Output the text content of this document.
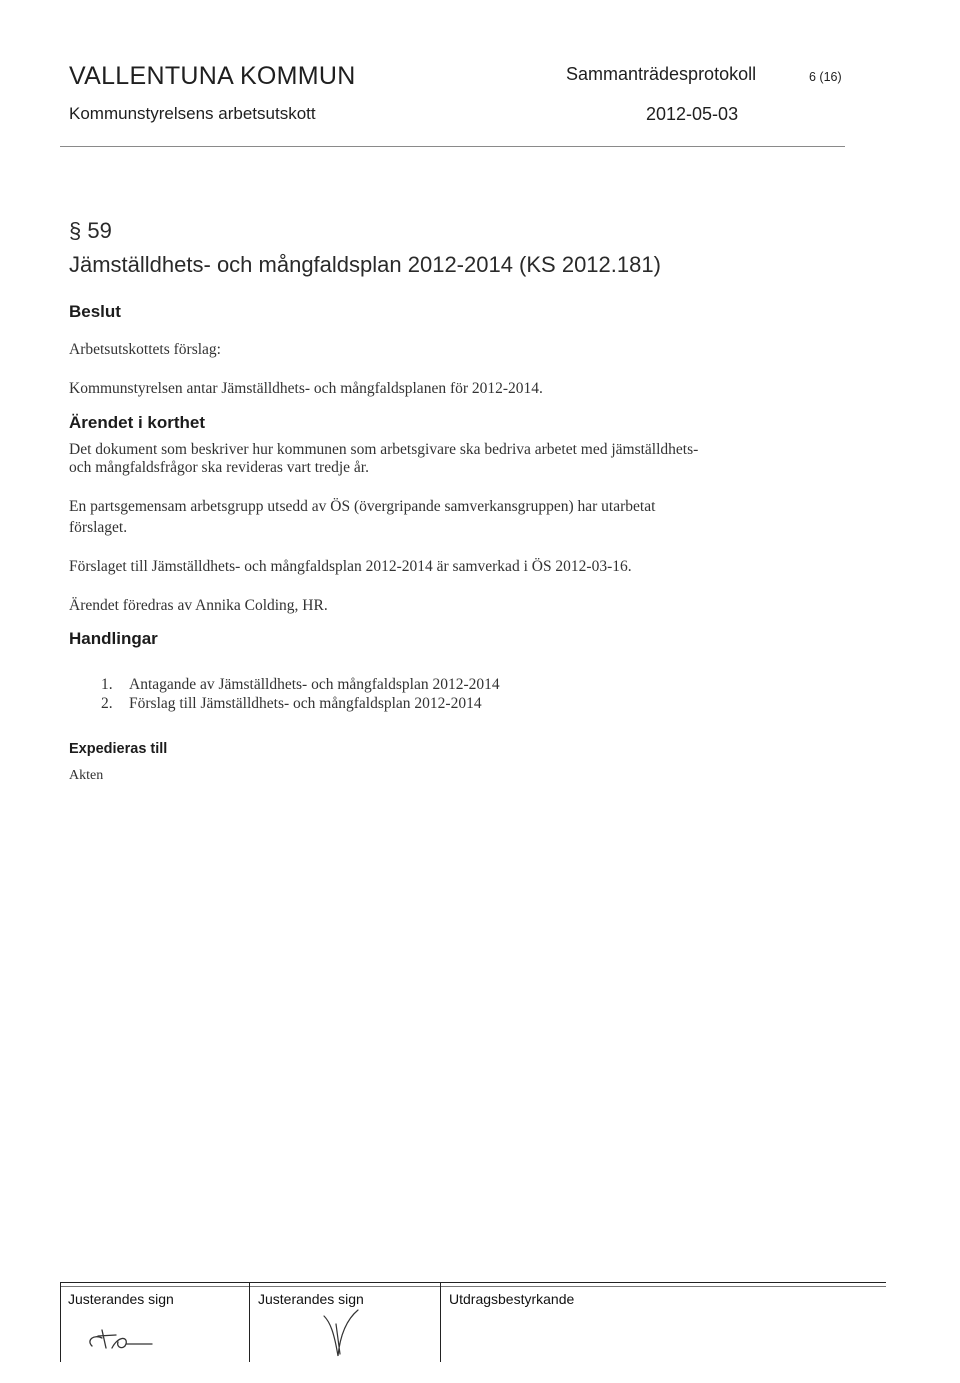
VALLENTUNA KOMMUN
Kommunstyrelsens arbetsutskott
Sammanträdesprotokoll	6 (16)
2012-05-03
§ 59
Jämställdhets- och mångfaldsplan 2012-2014 (KS 2012.181)
Beslut
Arbetsutskottets förslag:
Kommunstyrelsen antar Jämställdhets- och mångfaldsplanen för 2012-2014.
Ärendet i korthet
Det dokument som beskriver hur kommunen som arbetsgivare ska bedriva arbetet med jämställdhets-
och mångfaldsfrågor ska revideras vart tredje år.
En partsgemensam arbetsgrupp utsedd av ÖS (övergripande samverkansgruppen) har utarbetat
förslaget.
Förslaget till Jämställdhets- och mångfaldsplan 2012-2014 är samverkad i ÖS 2012-03-16.
Ärendet föredras av Annika Colding, HR.
Handlingar
1. Antagande av Jämställdhets- och mångfaldsplan 2012-2014
2. Förslag till Jämställdhets- och mångfaldsplan 2012-2014
Expedieras till
Akten
Justerandes sign	Justerandes sign	Utdragsbestyrkande
